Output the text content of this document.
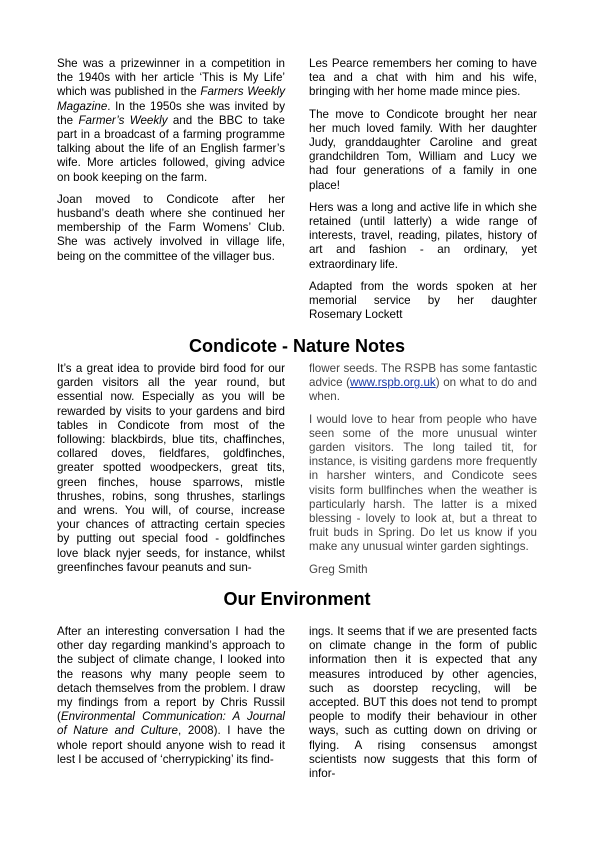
She was a prizewinner in a competition in the 1940s with her article ‘This is My Life’ which was published in the Farmers Weekly Magazine. In the 1950s she was invited by the Farmer’s Weekly and the BBC to take part in a broadcast of a farming programme talking about the life of an English farmer’s wife. More articles followed, giving advice on book keeping on the farm.

Joan moved to Condicote after her husband’s death where she continued her membership of the Farm Womens’ Club. She was actively involved in village life, being on the committee of the villager bus.

Les Pearce remembers her coming to have tea and a chat with him and his wife, bringing with her home made mince pies.

The move to Condicote brought her near her much loved family. With her daughter Judy, granddaughter Caroline and great grandchildren Tom, William and Lucy we had four generations of a family in one place!

Hers was a long and active life in which she retained (until latterly) a wide range of interests, travel, reading, pilates, history of art and fashion - an ordinary, yet extraordinary life.

Adapted from the words spoken at her memorial service by her daughter Rosemary Lockett

Condicote - Nature Notes

It’s a great idea to provide bird food for our garden visitors all the year round, but essential now. Especially as you will be rewarded by visits to your gardens and bird tables in Condicote from most of the following: blackbirds, blue tits, chaffinches, collared doves, fieldfares, goldfinches, greater spotted woodpeckers, great tits, green finches, house sparrows, mistle thrushes, robins, song thrushes, starlings and wrens. You will, of course, increase your chances of attracting certain species by putting out special food - goldfinches love black nyjer seeds, for instance, whilst greenfinches favour peanuts and sun-

flower seeds. The RSPB has some fantastic advice (www.rspb.org.uk) on what to do and when.

I would love to hear from people who have seen some of the more unusual winter garden visitors. The long tailed tit, for instance, is visiting gardens more frequently in harsher winters, and Condicote sees visits form bullfinches when the weather is particularly harsh. The latter is a mixed blessing - lovely to look at, but a threat to fruit buds in Spring. Do let us know if you make any unusual winter garden sightings.

Greg Smith

Our Environment

After an interesting conversation I had the other day regarding mankind’s approach to the subject of climate change, I looked into the reasons why many people seem to detach themselves from the problem. I draw my findings from a report by Chris Russil (Environmental Communication: A Journal of Nature and Culture, 2008). I have the whole report should anyone wish to read it lest I be accused of ‘cherrypicking’ its find-

ings. It seems that if we are presented facts on climate change in the form of public information then it is expected that any measures introduced by other agencies, such as doorstep recycling, will be accepted. BUT this does not tend to prompt people to modify their behaviour in other ways, such as cutting down on driving or flying. A rising consensus amongst scientists now suggests that this form of infor-
